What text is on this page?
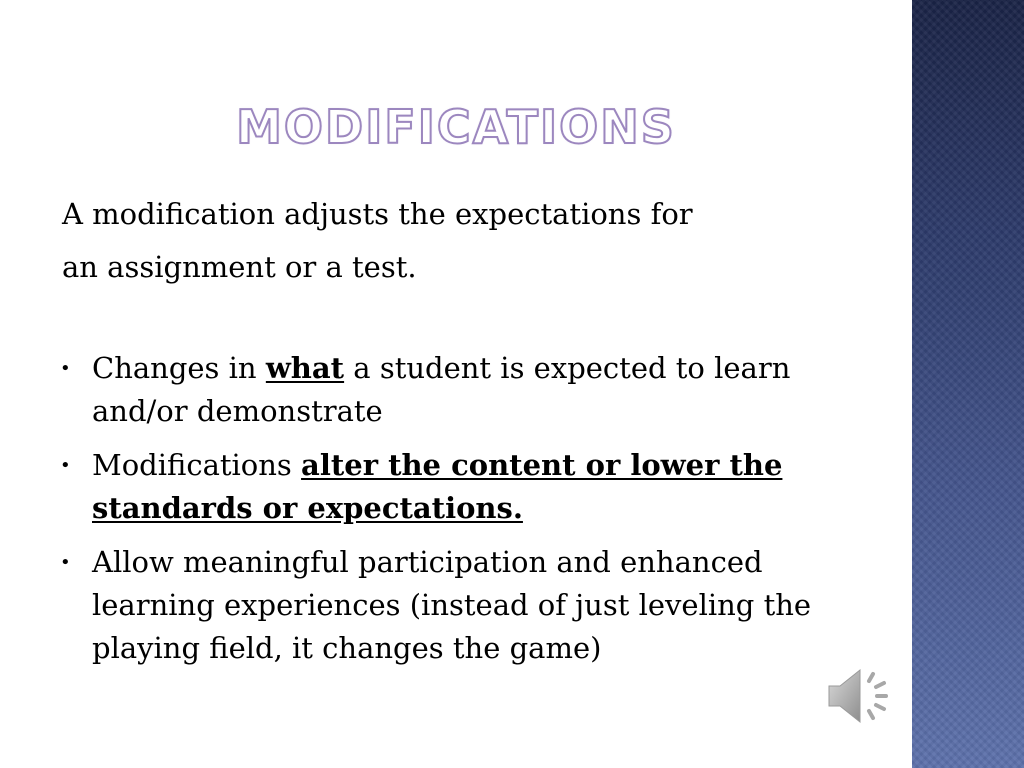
MODIFICATIONS
A modification adjusts the expectations for
an assignment or a test.
• Changes in what a student is expected to learn and/or demonstrate
• Modifications alter the content or lower the standards or expectations.
• Allow meaningful participation and enhanced learning experiences (instead of just leveling the playing field, it changes the game)
